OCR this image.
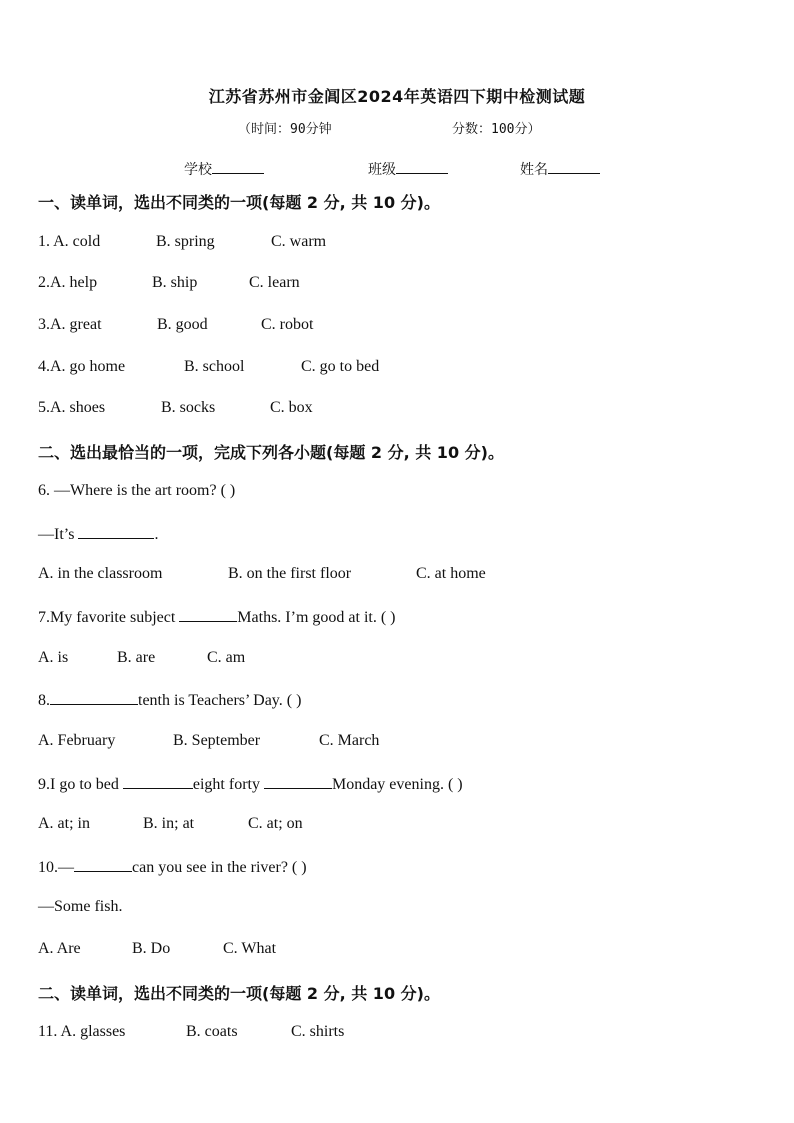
江苏省苏州市金阊区2024年英语四下期中检测试题
（时间：90分钟	分数：100分）
学校	班级	姓名
一、读单词，选出不同类的一项(每题 2 分, 共 10 分)。
1. A. cold	B. spring	C. warm
2.A. help	B. ship	C. learn
3.A. great	B. good	C. robot
4.A. go home	B. school	C. go to bed
5.A. shoes	B. socks	C. box
二、选出最恰当的一项，完成下列各小题(每题 2 分, 共 10 分)。
6. —Where is the art room? ( )
—It’s	.
A. in the classroom	B. on the first floor	C. at home
7.My favorite subject	Maths. I’m good at it. ( )
A. is	B. are	C. am
8.	tenth is Teachers’ Day. ( )
A. February	B. September	C. March
9.I go to bed	eight forty	Monday evening. ( )
A. at; in	B. in; at	C. at; on
10.—	can you see in the river? ( )
—Some fish.
A. Are	B. Do	C. What
二、读单词，选出不同类的一项(每题 2 分, 共 10 分)。
11. A. glasses	B. coats	C. shirts
